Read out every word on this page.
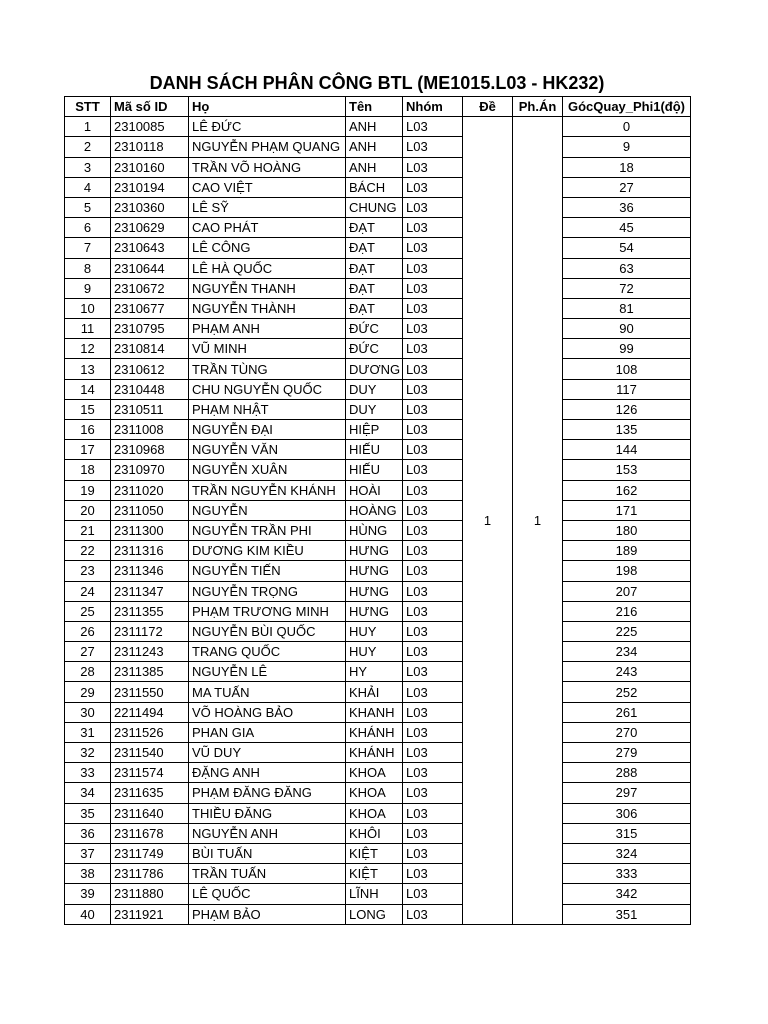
DANH SÁCH PHÂN CÔNG BTL (ME1015.L03 - HK232)
STT	Mã số ID	Họ	Tên	Nhóm	Đề	Ph.Án	GócQuay_Phi1(độ)
1	2310085	LÊ ĐỨC	ANH	L03	1	1	0
2	2310118	NGUYỄN PHẠM QUANG	ANH	L03			9
3	2310160	TRẦN VÕ HOÀNG	ANH	L03			18
4	2310194	CAO VIỆT	BÁCH	L03			27
5	2310360	LÊ SỸ	CHUNG	L03			36
6	2310629	CAO PHÁT	ĐẠT	L03			45
7	2310643	LÊ CÔNG	ĐẠT	L03			54
8	2310644	LÊ HÀ QUỐC	ĐẠT	L03			63
9	2310672	NGUYỄN THANH	ĐẠT	L03			72
10	2310677	NGUYỄN THÀNH	ĐẠT	L03			81
11	2310795	PHẠM ANH	ĐỨC	L03			90
12	2310814	VŨ MINH	ĐỨC	L03			99
13	2310612	TRẦN TÙNG	DƯƠNG	L03			108
14	2310448	CHU NGUYỄN QUỐC	DUY	L03			117
15	2310511	PHẠM NHẬT	DUY	L03			126
16	2311008	NGUYỄN ĐẠI	HIỆP	L03			135
17	2310968	NGUYỄN VĂN	HIẾU	L03			144
18	2310970	NGUYỄN XUÂN	HIẾU	L03			153
19	2311020	TRẦN NGUYỄN KHÁNH	HOÀI	L03			162
20	2311050	NGUYỄN	HOÀNG	L03			171
21	2311300	NGUYỄN TRẦN PHI	HÙNG	L03			180
22	2311316	DƯƠNG KIM KIỀU	HƯNG	L03			189
23	2311346	NGUYỄN TIẾN	HƯNG	L03			198
24	2311347	NGUYỄN TRỌNG	HƯNG	L03			207
25	2311355	PHẠM TRƯƠNG MINH	HƯNG	L03			216
26	2311172	NGUYỄN BÙI QUỐC	HUY	L03			225
27	2311243	TRANG QUỐC	HUY	L03			234
28	2311385	NGUYỄN LÊ	HY	L03			243
29	2311550	MA TUẤN	KHẢI	L03			252
30	2211494	VÕ HOÀNG BẢO	KHANH	L03			261
31	2311526	PHAN GIA	KHÁNH	L03			270
32	2311540	VŨ DUY	KHÁNH	L03			279
33	2311574	ĐẶNG ANH	KHOA	L03			288
34	2311635	PHẠM ĐĂNG ĐĂNG	KHOA	L03			297
35	2311640	THIỀU ĐĂNG	KHOA	L03			306
36	2311678	NGUYỄN ANH	KHÔI	L03			315
37	2311749	BÙI TUẤN	KIỆT	L03			324
38	2311786	TRẦN TUẤN	KIỆT	L03			333
39	2311880	LÊ QUỐC	LĨNH	L03			342
40	2311921	PHẠM BẢO	LONG	L03			351
